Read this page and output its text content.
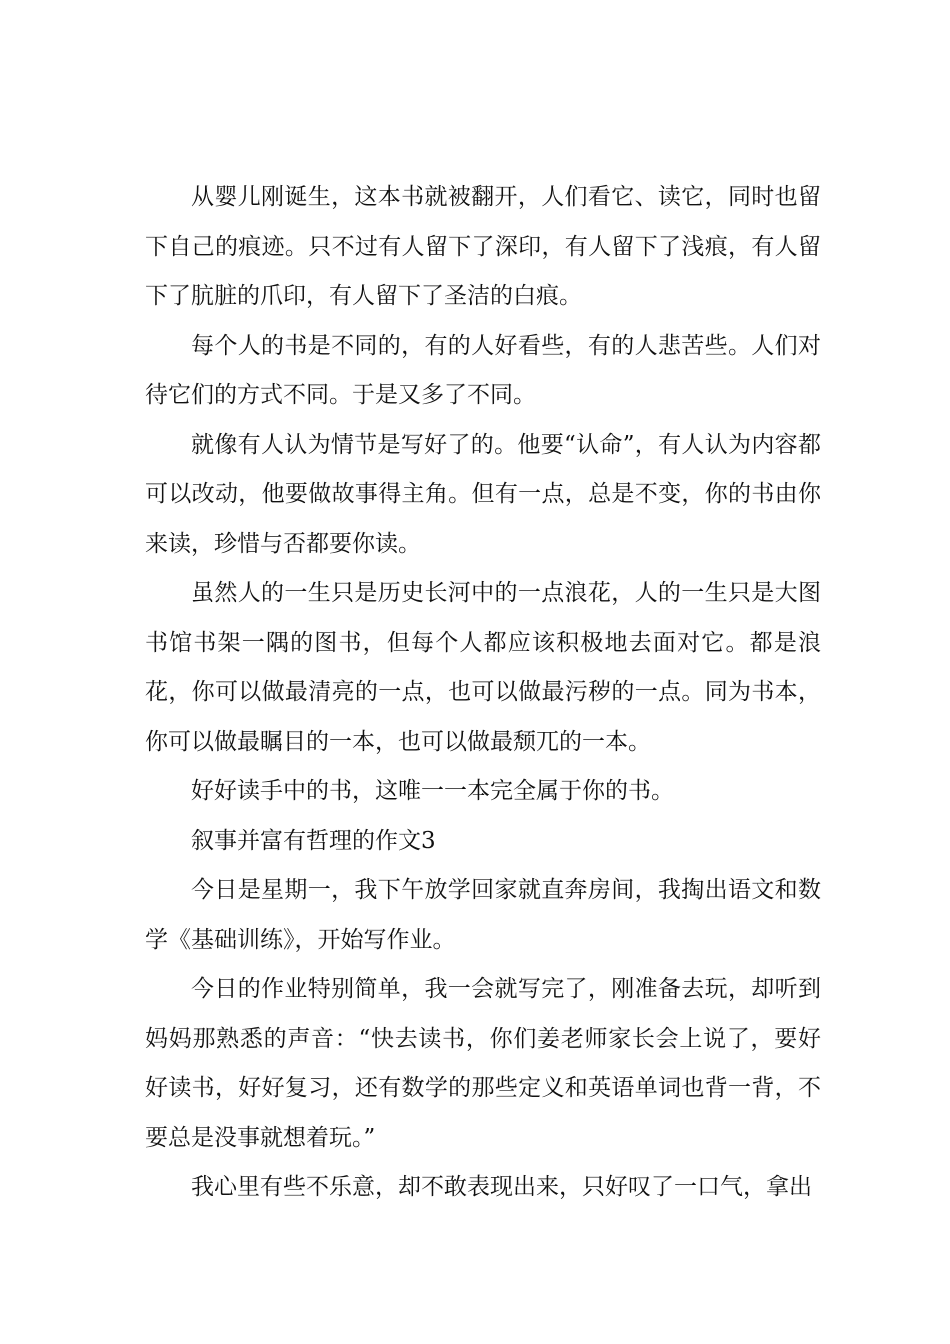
从婴儿刚诞生，这本书就被翻开，人们看它、读它，同时也留下自己的痕迹。只不过有人留下了深印，有人留下了浅痕，有人留下了肮脏的爪印，有人留下了圣洁的白痕。

每个人的书是不同的，有的人好看些，有的人悲苦些。人们对待它们的方式不同。于是又多了不同。

就像有人认为情节是写好了的。他要“认命”，有人认为内容都可以改动，他要做故事得主角。但有一点，总是不变，你的书由你来读，珍惜与否都要你读。

虽然人的一生只是历史长河中的一点浪花，人的一生只是大图书馆书架一隅的图书，但每个人都应该积极地去面对它。都是浪花，你可以做最清亮的一点，也可以做最污秽的一点。同为书本，你可以做最瞩目的一本，也可以做最颓兀的一本。

好好读手中的书，这唯一一本完全属于你的书。

叙事并富有哲理的作文3

今日是星期一，我下午放学回家就直奔房间，我掏出语文和数学《基础训练》，开始写作业。

今日的作业特别简单，我一会就写完了，刚准备去玩，却听到妈妈那熟悉的声音：“快去读书，你们姜老师家长会上说了，要好好读书，好好复习，还有数学的那些定义和英语单词也背一背，不要总是没事就想着玩。”

我心里有些不乐意，却不敢表现出来，只好叹了一口气，拿出
